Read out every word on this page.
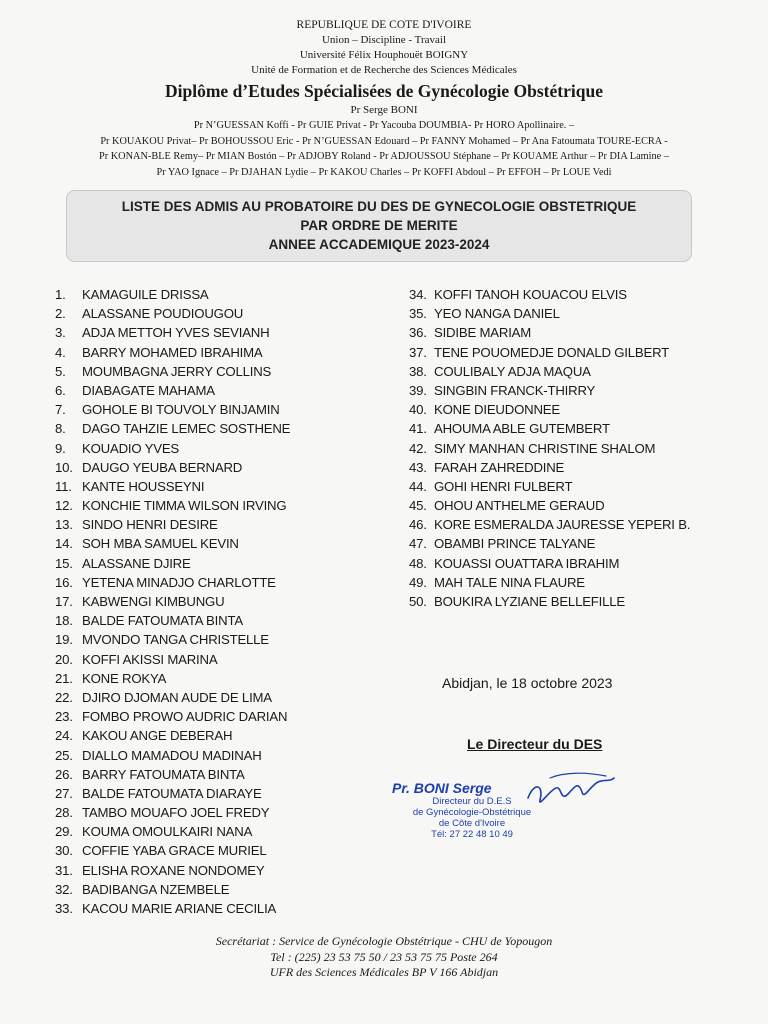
REPUBLIQUE DE COTE D'IVOIRE
Union – Discipline - Travail
Université Félix Houphouët BOIGNY
Unité de Formation et de Recherche des Sciences Médicales
Diplôme d’Etudes Spécialisées de Gynécologie Obstétrique
Pr Serge BONI
Pr N’GUESSAN Koffi - Pr GUIE Privat - Pr Yacouba DOUMBIA- Pr HORO Apollinaire. –
Pr KOUAKOU Privat– Pr BOHOUSSOU Eric - Pr N’GUESSAN Edouard – Pr FANNY Mohamed – Pr Ana Fatoumata TOURE-ECRA -
Pr KONAN-BLE Remy– Pr MIAN Bostón – Pr ADJOBY Roland - Pr ADJOUSSOU Stéphane – Pr KOUAME Arthur – Pr DIA Lamine –
Pr YAO Ignace – Pr DJAHAN Lydie – Pr KAKOU Charles – Pr KOFFI Abdoul – Pr EFFOH – Pr LOUE Vedi
LISTE DES ADMIS AU PROBATOIRE DU DES DE GYNECOLOGIE OBSTETRIQUE
PAR ORDRE DE MERITE
ANNEE ACCADEMIQUE 2023-2024
1.	KAMAGUILE DRISSA
2.	ALASSANE POUDIOUGOU
3.	ADJA METTOH YVES SEVIANH
4.	BARRY MOHAMED IBRAHIMA
5.	MOUMBAGNA JERRY COLLINS
6.	DIABAGATE MAHAMA
7.	GOHOLE BI TOUVOLY BINJAMIN
8.	DAGO TAHZIE LEMEC SOSTHENE
9.	KOUADIO YVES
10. DAUGO YEUBA BERNARD
11. KANTE HOUSSEYNI
12. KONCHIE TIMMA WILSON IRVING
13. SINDO HENRI DESIRE
14. SOH MBA SAMUEL KEVIN
15. ALASSANE DJIRE
16. YETENA MINADJO CHARLOTTE
17. KABWENGI KIMBUNGU
18. BALDE FATOUMATA BINTA
19. MVONDO TANGA CHRISTELLE
20. KOFFI AKISSI MARINA
21. KONE ROKYA
22. DJIRO DJOMAN AUDE DE LIMA
23. FOMBO PROWO AUDRIC DARIAN
24. KAKOU ANGE DEBERAH
25. DIALLO MAMADOU MADINAH
26. BARRY FATOUMATA BINTA
27. BALDE FATOUMATA DIARAYE
28. TAMBO MOUAFO JOEL FREDY
29. KOUMA OMOULKAIRI NANA
30. COFFIE YABA GRACE MURIEL
31. ELISHA ROXANE NONDOMEY
32. BADIBANGA NZEMBELE
33. KACOU MARIE ARIANE CECILIA
34. KOFFI TANOH KOUACOU ELVIS
35. YEO NANGA DANIEL
36. SIDIBE MARIAM
37. TENE POUOMEDJE DONALD GILBERT
38. COULIBALY ADJA MAQUA
39. SINGBIN FRANCK-THIRRY
40. KONE DIEUDONNEE
41. AHOUMA ABLE GUTEMBERT
42. SIMY MANHAN CHRISTINE SHALOM
43. FARAH ZAHREDDINE
44. GOHI HENRI FULBERT
45. OHOU ANTHELME GERAUD
46. KORE ESMERALDA JAURESSE YEPERI B.
47. OBAMBI PRINCE TALYANE
48. KOUASSI OUATTARA IBRAHIM
49. MAH TALE NINA FLAURE
50. BOUKIRA LYZIANE BELLEFILLE
Abidjan, le 18 octobre 2023
Le Directeur du DES
Pr. BONI Serge
Directeur du D.E.S
de Gynécologie-Obstétrique
de Côte d'Ivoire
Tél: 27 22 48 10 49
Secrétariat : Service de Gynécologie Obstétrique - CHU de Yopougon
Tel : (225) 23 53 75 50 / 23 53 75 75 Poste 264
UFR des Sciences Médicales BP V 166 Abidjan
